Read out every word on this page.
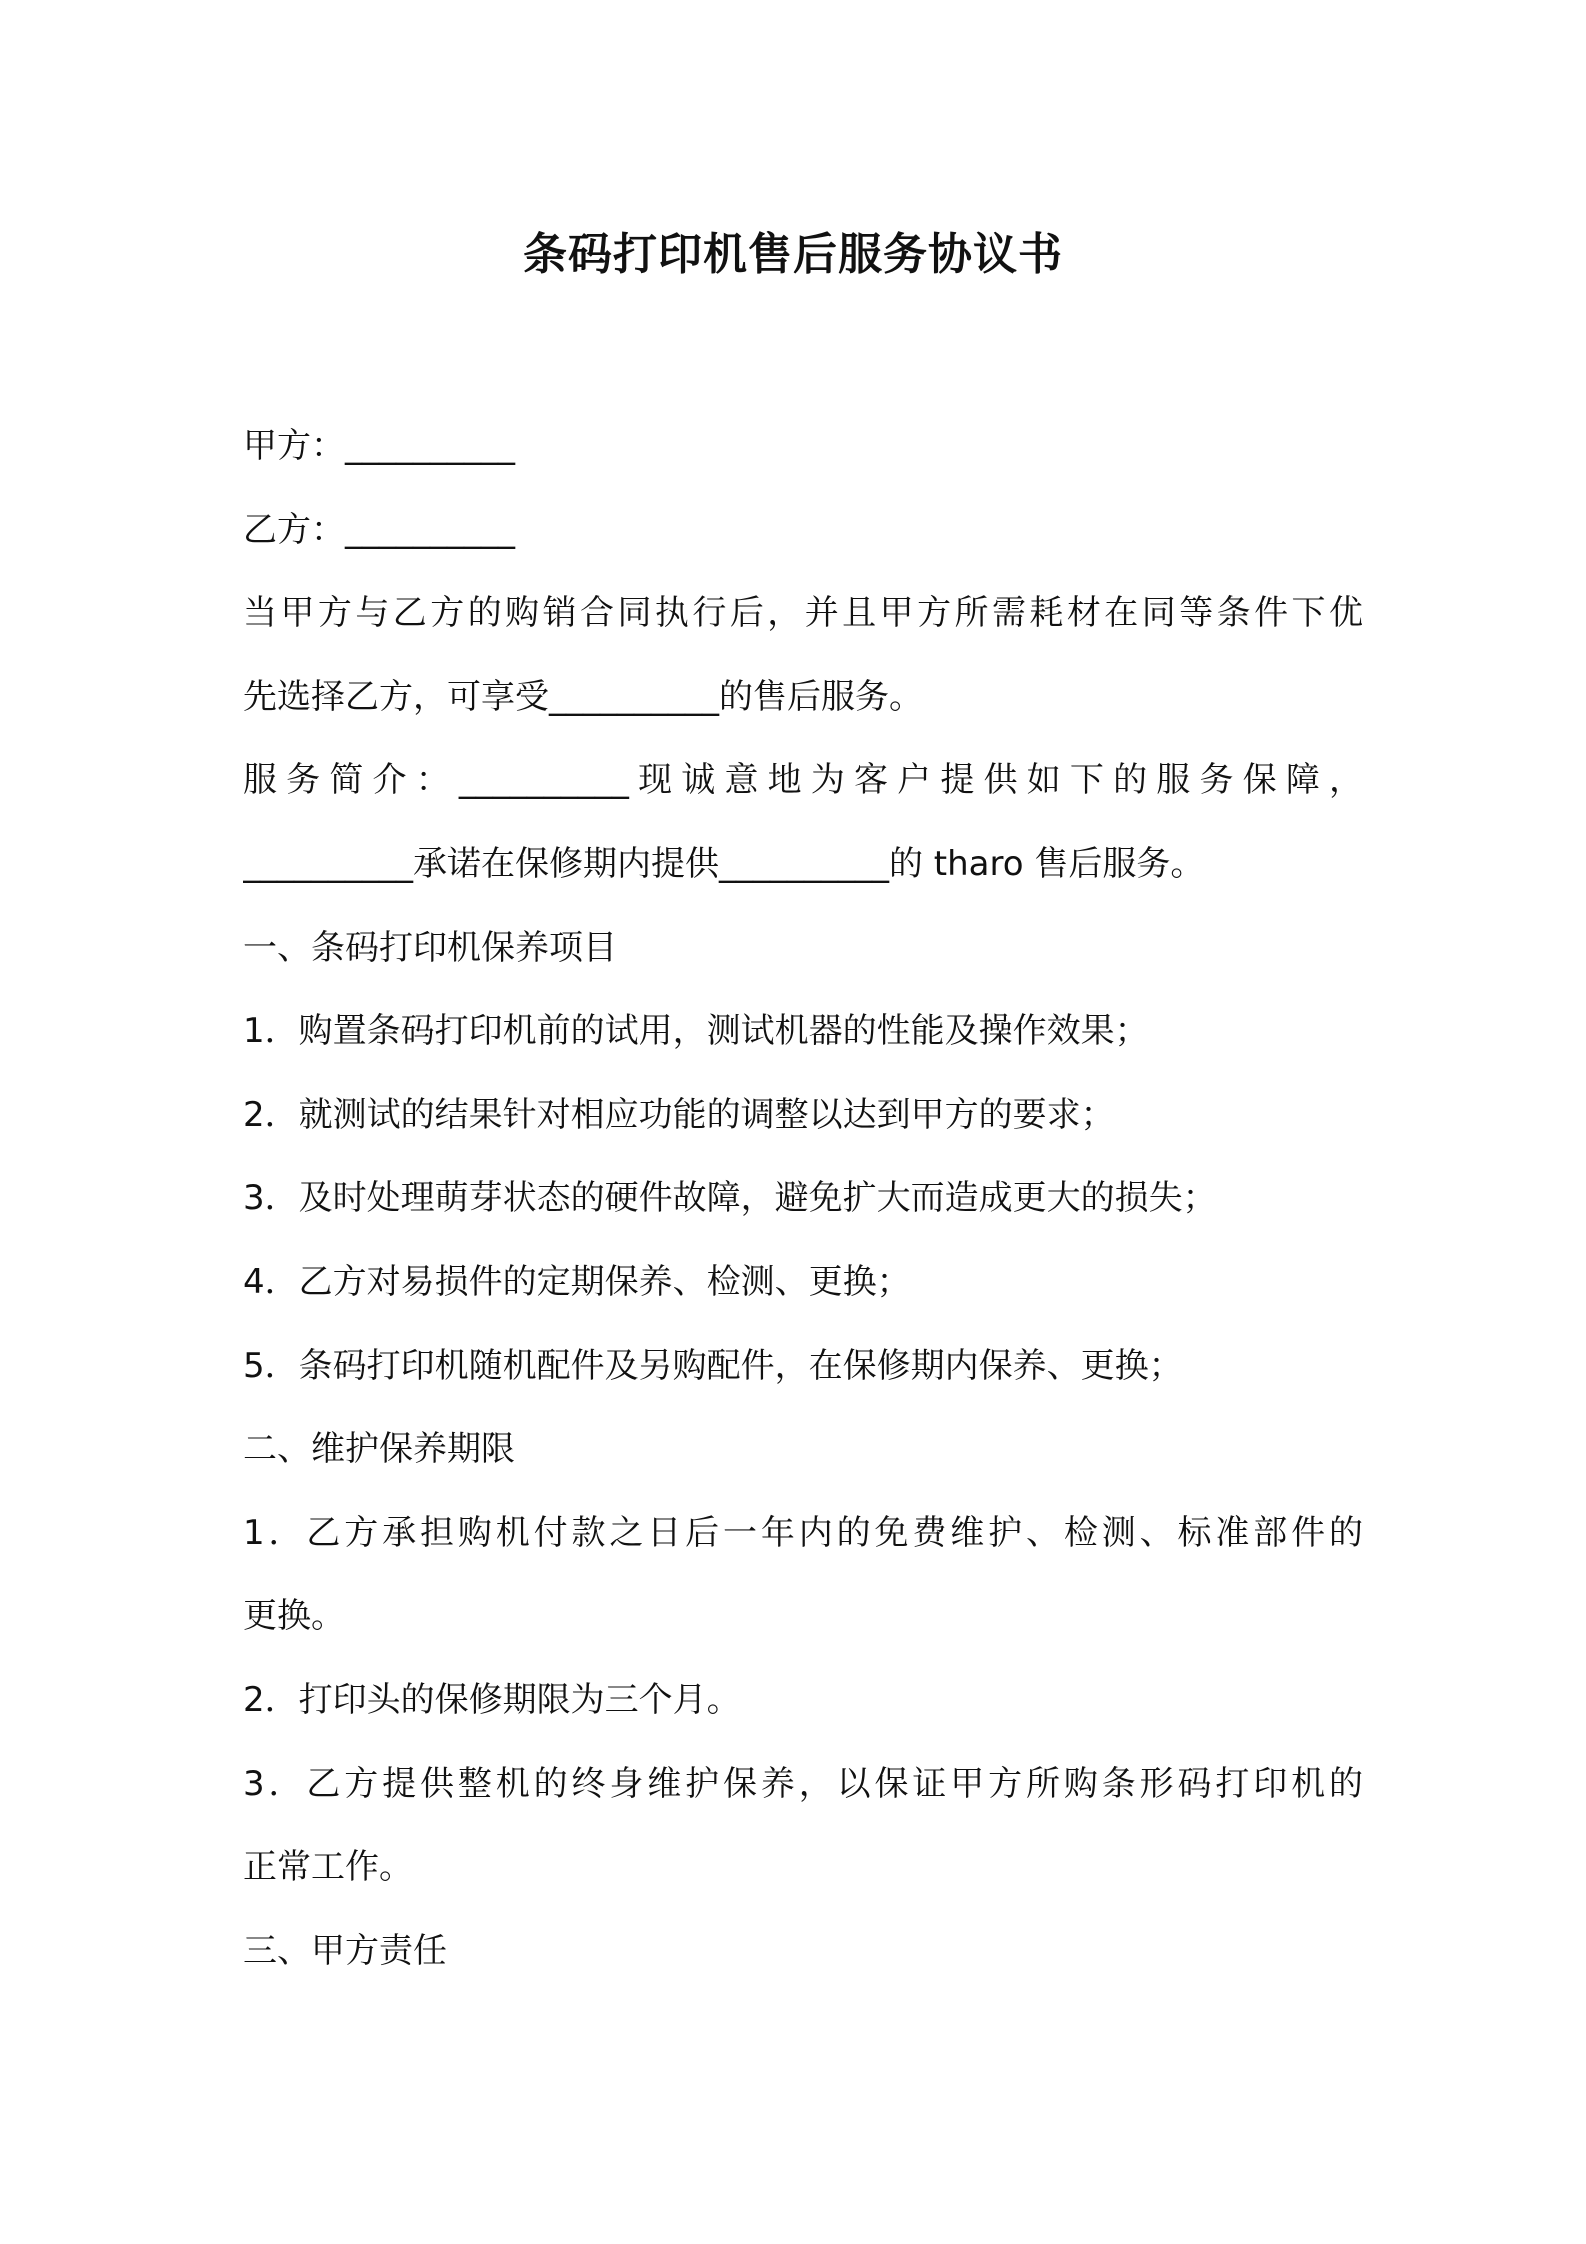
条码打印机售后服务协议书
甲方：__________
乙方：__________
当甲方与乙方的购销合同执行后，并且甲方所需耗材在同等条件下优
先选择乙方，可享受__________的售后服务。
服务简介：__________现诚意地为客户提供如下的服务保障，
__________承诺在保修期内提供__________的 tharo 售后服务。
一、条码打印机保养项目
1．购置条码打印机前的试用，测试机器的性能及操作效果；
2．就测试的结果针对相应功能的调整以达到甲方的要求；
3．及时处理萌芽状态的硬件故障，避免扩大而造成更大的损失；
4．乙方对易损件的定期保养、检测、更换；
5．条码打印机随机配件及另购配件，在保修期内保养、更换；
二、维护保养期限
1．乙方承担购机付款之日后一年内的免费维护、检测、标准部件的
更换。
2．打印头的保修期限为三个月。
3．乙方提供整机的终身维护保养，以保证甲方所购条形码打印机的
正常工作。
三、甲方责任
